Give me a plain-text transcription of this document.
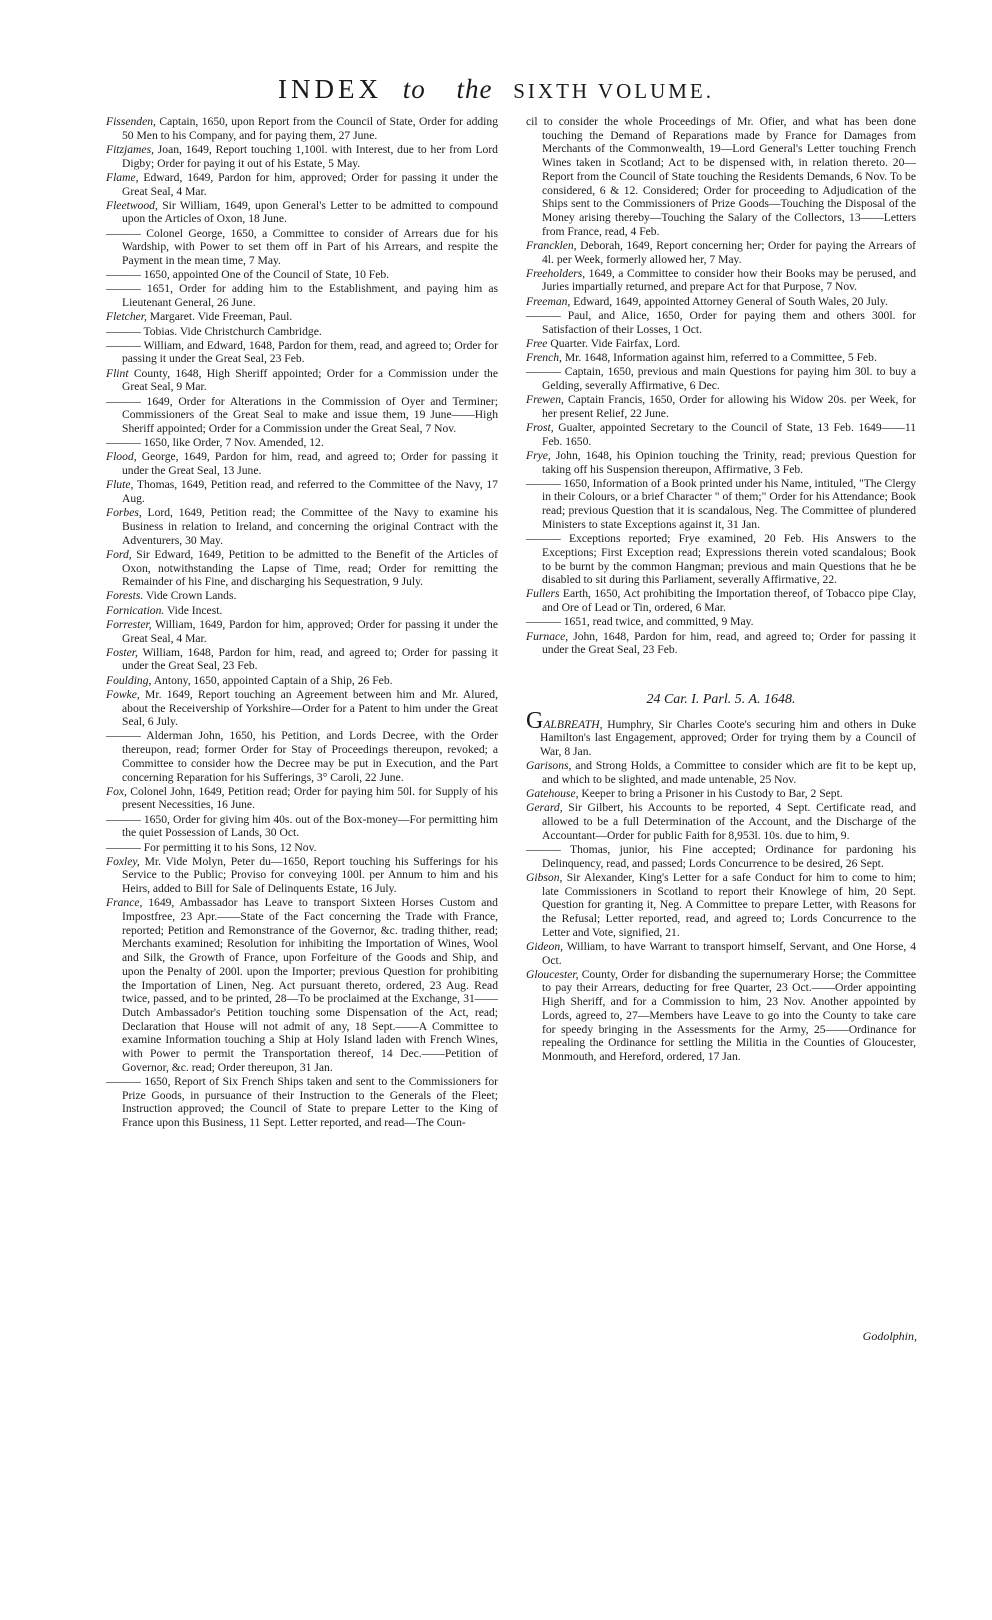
INDEX to the SIXTH VOLUME.

Fissenden, Captain, 1650, upon Report from the Council of State, Order for adding 50 Men to his Company, and for paying them, 27 June.

Fitzjames, Joan, 1649, Report touching 1,100l. with Interest, due to her from Lord Digby; Order for paying it out of his Estate, 5 May.

Flame, Edward, 1649, Pardon for him, approved; Order for passing it under the Great Seal, 4 Mar.

Fleetwood, Sir William, 1649, upon General's Letter to be admitted to compound upon the Articles of Oxon, 18 June.

——— Colonel George, 1650, a Committee to consider of Arrears due for his Wardship, with Power to set them off in Part of his Arrears, and respite the Payment in the mean time, 7 May.

——— 1650, appointed One of the Council of State, 10 Feb.

——— 1651, Order for adding him to the Establishment, and paying him as Lieutenant General, 26 June.

Fletcher, Margaret. Vide Freeman, Paul.

——— Tobias. Vide Christchurch Cambridge.

——— William, and Edward, 1648, Pardon for them, read, and agreed to; Order for passing it under the Great Seal, 23 Feb.

Flint County, 1648, High Sheriff appointed; Order for a Commission under the Great Seal, 9 Mar.

——— 1649, Order for Alterations in the Commission of Oyer and Terminer; Commissioners of the Great Seal to make and issue them, 19 June——High Sheriff appointed; Order for a Commission under the Great Seal, 7 Nov.

——— 1650, like Order, 7 Nov. Amended, 12.

Flood, George, 1649, Pardon for him, read, and agreed to; Order for passing it under the Great Seal, 13 June.

Flute, Thomas, 1649, Petition read, and referred to the Committee of the Navy, 17 Aug.

Forbes, Lord, 1649, Petition read; the Committee of the Navy to examine his Business in relation to Ireland, and concerning the original Contract with the Adventurers, 30 May.

Ford, Sir Edward, 1649, Petition to be admitted to the Benefit of the Articles of Oxon, notwithstanding the Lapse of Time, read; Order for remitting the Remainder of his Fine, and discharging his Sequestration, 9 July.

Forests. Vide Crown Lands.

Fornication. Vide Incest.

Forrester, William, 1649, Pardon for him, approved; Order for passing it under the Great Seal, 4 Mar.

Foster, William, 1648, Pardon for him, read, and agreed to; Order for passing it under the Great Seal, 23 Feb.

Foulding, Antony, 1650, appointed Captain of a Ship, 26 Feb.

Fowke, Mr. 1649, Report touching an Agreement between him and Mr. Alured, about the Receivership of Yorkshire—Order for a Patent to him under the Great Seal, 6 July.

——— Alderman John, 1650, his Petition, and Lords Decree, with the Order thereupon, read; former Order for Stay of Proceedings thereupon, revoked; a Committee to consider how the Decree may be put in Execution, and the Part concerning Reparation for his Sufferings, 3° Caroli, 22 June.

Fox, Colonel John, 1649, Petition read; Order for paying him 50l. for Supply of his present Necessities, 16 June.

——— 1650, Order for giving him 40s. out of the Box-money—For permitting him the quiet Possession of Lands, 30 Oct.

——— For permitting it to his Sons, 12 Nov.

Foxley, Mr. Vide Molyn, Peter du—1650, Report touching his Sufferings for his Service to the Public; Proviso for conveying 100l. per Annum to him and his Heirs, added to Bill for Sale of Delinquents Estate, 16 July.

France, 1649, Ambassador has Leave to transport Sixteen Horses Custom and Impostfree, 23 Apr.——State of the Fact concerning the Trade with France, reported; Petition and Remonstrance of the Governor, &c. trading thither, read; Merchants examined; Resolution for inhibiting the Importation of Wines, Wool and Silk, the Growth of France, upon Forfeiture of the Goods and Ship, and upon the Penalty of 200l. upon the Importer; previous Question for prohibiting the Importation of Linen, Neg. Act pursuant thereto, ordered, 23 Aug. Read twice, passed, and to be printed, 28—To be proclaimed at the Exchange, 31——Dutch Ambassador's Petition touching some Dispensation of the Act, read; Declaration that House will not admit of any, 18 Sept.——A Committee to examine Information touching a Ship at Holy Island laden with French Wines, with Power to permit the Transportation thereof, 14 Dec.——Petition of Governor, &c. read; Order thereupon, 31 Jan.

——— 1650, Report of Six French Ships taken and sent to the Commissioners for Prize Goods, in pursuance of their Instruction to the Generals of the Fleet; Instruction approved; the Council of State to prepare Letter to the King of France upon this Business, 11 Sept. Letter reported, and read—The Coun-

cil to consider the whole Proceedings of Mr. Ofier, and what has been done touching the Demand of Reparations made by France for Damages from Merchants of the Commonwealth, 19—Lord General's Letter touching French Wines taken in Scotland; Act to be dispensed with, in relation thereto. 20—Report from the Council of State touching the Residents Demands, 6 Nov. To be considered, 6 & 12. Considered; Order for proceeding to Adjudication of the Ships sent to the Commissioners of Prize Goods—Touching the Disposal of the Money arising thereby—Touching the Salary of the Collectors, 13——Letters from France, read, 4 Feb.

Francklen, Deborah, 1649, Report concerning her; Order for paying the Arrears of 4l. per Week, formerly allowed her, 7 May.

Freeholders, 1649, a Committee to consider how their Books may be perused, and Juries impartially returned, and prepare Act for that Purpose, 7 Nov.

Freeman, Edward, 1649, appointed Attorney General of South Wales, 20 July.

——— Paul, and Alice, 1650, Order for paying them and others 300l. for Satisfaction of their Losses, 1 Oct.

Free Quarter. Vide Fairfax, Lord.

French, Mr. 1648, Information against him, referred to a Committee, 5 Feb.

——— Captain, 1650, previous and main Questions for paying him 30l. to buy a Gelding, severally Affirmative, 6 Dec.

Frewen, Captain Francis, 1650, Order for allowing his Widow 20s. per Week, for her present Relief, 22 June.

Frost, Gualter, appointed Secretary to the Council of State, 13 Feb. 1649——11 Feb. 1650.

Frye, John, 1648, his Opinion touching the Trinity, read; previous Question for taking off his Suspension thereupon, Affirmative, 3 Feb.

——— 1650, Information of a Book printed under his Name, intituled, "The Clergy in their Colours, or a brief Character " of them;" Order for his Attendance; Book read; previous Question that it is scandalous, Neg. The Committee of plundered Ministers to state Exceptions against it, 31 Jan.

——— Exceptions reported; Frye examined, 20 Feb. His Answers to the Exceptions; First Exception read; Expressions therein voted scandalous; Book to be burnt by the common Hangman; previous and main Questions that he be disabled to sit during this Parliament, severally Affirmative, 22.

Fullers Earth, 1650, Act prohibiting the Importation thereof, of Tobacco pipe Clay, and Ore of Lead or Tin, ordered, 6 Mar.

——— 1651, read twice, and committed, 9 May.

Furnace, John, 1648, Pardon for him, read, and agreed to; Order for passing it under the Great Seal, 23 Feb.

24 Car. I. Parl. 5. A. 1648.

GALBREATH, Humphry, Sir Charles Coote's securing him and others in Duke Hamilton's last Engagement, approved; Order for trying them by a Council of War, 8 Jan.

Garisons, and Strong Holds, a Committee to consider which are fit to be kept up, and which to be slighted, and made untenable, 25 Nov.

Gatehouse, Keeper to bring a Prisoner in his Custody to Bar, 2 Sept.

Gerard, Sir Gilbert, his Accounts to be reported, 4 Sept. Certificate read, and allowed to be a full Determination of the Account, and the Discharge of the Accountant—Order for public Faith for 8,953l. 10s. due to him, 9.

——— Thomas, junior, his Fine accepted; Ordinance for pardoning his Delinquency, read, and passed; Lords Concurrence to be desired, 26 Sept.

Gibson, Sir Alexander, King's Letter for a safe Conduct for him to come to him; late Commissioners in Scotland to report their Knowlege of him, 20 Sept. Question for granting it, Neg. A Committee to prepare Letter, with Reasons for the Refusal; Letter reported, read, and agreed to; Lords Concurrence to the Letter and Vote, signified, 21.

Gideon, William, to have Warrant to transport himself, Servant, and One Horse, 4 Oct.

Gloucester, County, Order for disbanding the supernumerary Horse; the Committee to pay their Arrears, deducting for free Quarter, 23 Oct.——Order appointing High Sheriff, and for a Commission to him, 23 Nov. Another appointed by Lords, agreed to, 27—Members have Leave to go into the County to take care for speedy bringing in the Assessments for the Army, 25——Ordinance for repealing the Ordinance for settling the Militia in the Counties of Gloucester, Monmouth, and Hereford, ordered, 17 Jan.

Godolphin,
